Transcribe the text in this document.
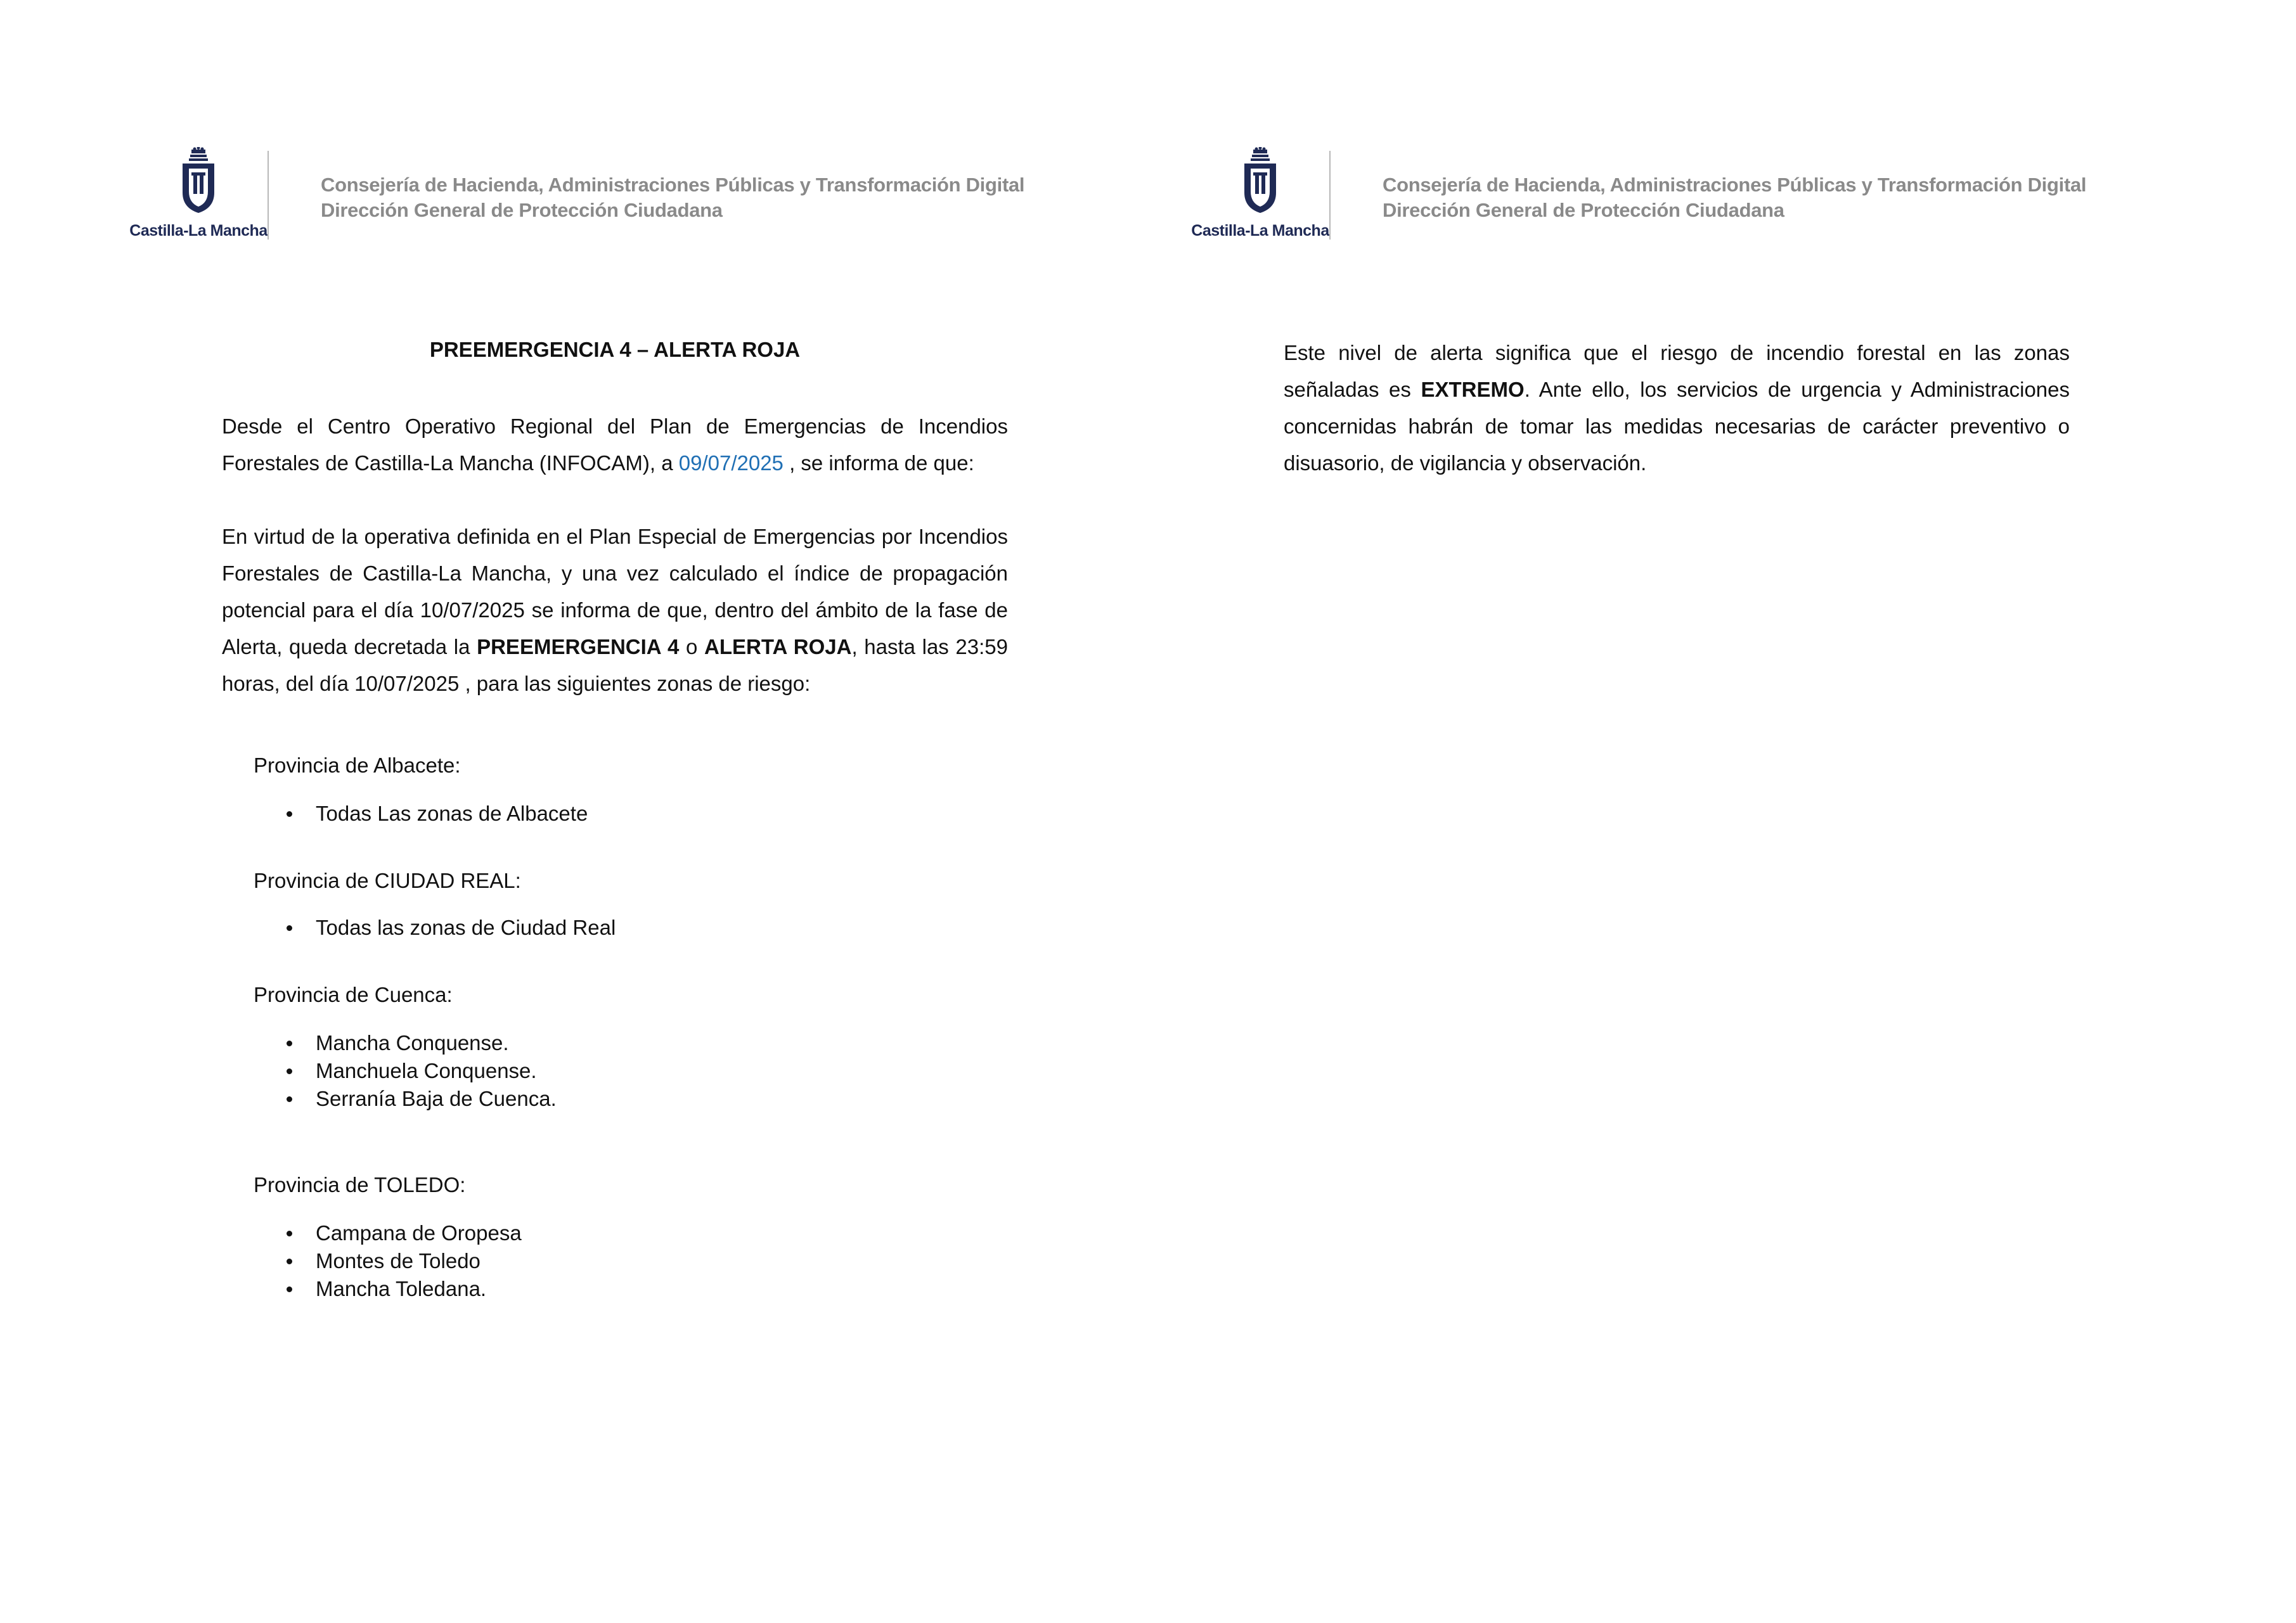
Castilla-La Mancha
Consejería de Hacienda, Administraciones Públicas y Transformación Digital
Dirección General de Protección Ciudadana
PREEMERGENCIA 4 – ALERTA ROJA

Desde el Centro Operativo Regional del Plan de Emergencias de Incendios Forestales de Castilla-La Mancha (INFOCAM), a 09/07/2025 , se informa de que:

En virtud de la operativa definida en el Plan Especial de Emergencias por Incendios Forestales de Castilla-La Mancha, y una vez calculado el índice de propagación potencial para el día 10/07/2025 se informa de que, dentro del ámbito de la fase de Alerta, queda decretada la PREEMERGENCIA 4 o ALERTA ROJA, hasta las 23:59 horas, del día 10/07/2025 , para las siguientes zonas de riesgo:

Provincia de Albacete:
Todas Las zonas de Albacete
Provincia de CIUDAD REAL:
Todas las zonas de Ciudad Real
Provincia de Cuenca:
Mancha Conquense.
Manchuela Conquense.
Serranía Baja de Cuenca.
Provincia de TOLEDO:
Campana de Oropesa
Montes de Toledo
Mancha Toledana.
Castilla-La Mancha
Consejería de Hacienda, Administraciones Públicas y Transformación Digital
Dirección General de Protección Ciudadana

Este nivel de alerta significa que el riesgo de incendio forestal en las zonas señaladas es EXTREMO. Ante ello, los servicios de urgencia y Administraciones concernidas habrán de tomar las medidas necesarias de carácter preventivo o disuasorio, de vigilancia y observación.
